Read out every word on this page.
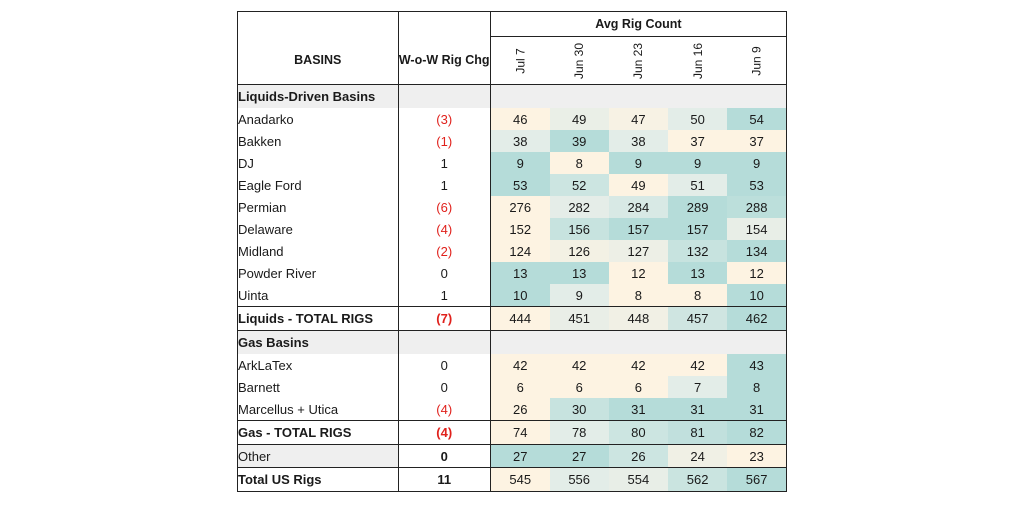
		Avg Rig Count				
BASINS	W-o-W Rig Chg	Jul 7	Jun 30	Jun 23	Jun 16	Jun 9
Liquids-Driven Basins						
Anadarko	(3)	46	49	47	50	54
Bakken	(1)	38	39	38	37	37
DJ	1	9	8	9	9	9
Eagle Ford	1	53	52	49	51	53
Permian	(6)	276	282	284	289	288
Delaware	(4)	152	156	157	157	154
Midland	(2)	124	126	127	132	134
Powder River	0	13	13	12	13	12
Uinta	1	10	9	8	8	10
Liquids - TOTAL RIGS	(7)	444	451	448	457	462
Gas Basins						
ArkLaTex	0	42	42	42	42	43
Barnett	0	6	6	6	7	8
Marcellus + Utica	(4)	26	30	31	31	31
Gas - TOTAL RIGS	(4)	74	78	80	81	82
Other	0	27	27	26	24	23
Total US Rigs	11	545	556	554	562	567
